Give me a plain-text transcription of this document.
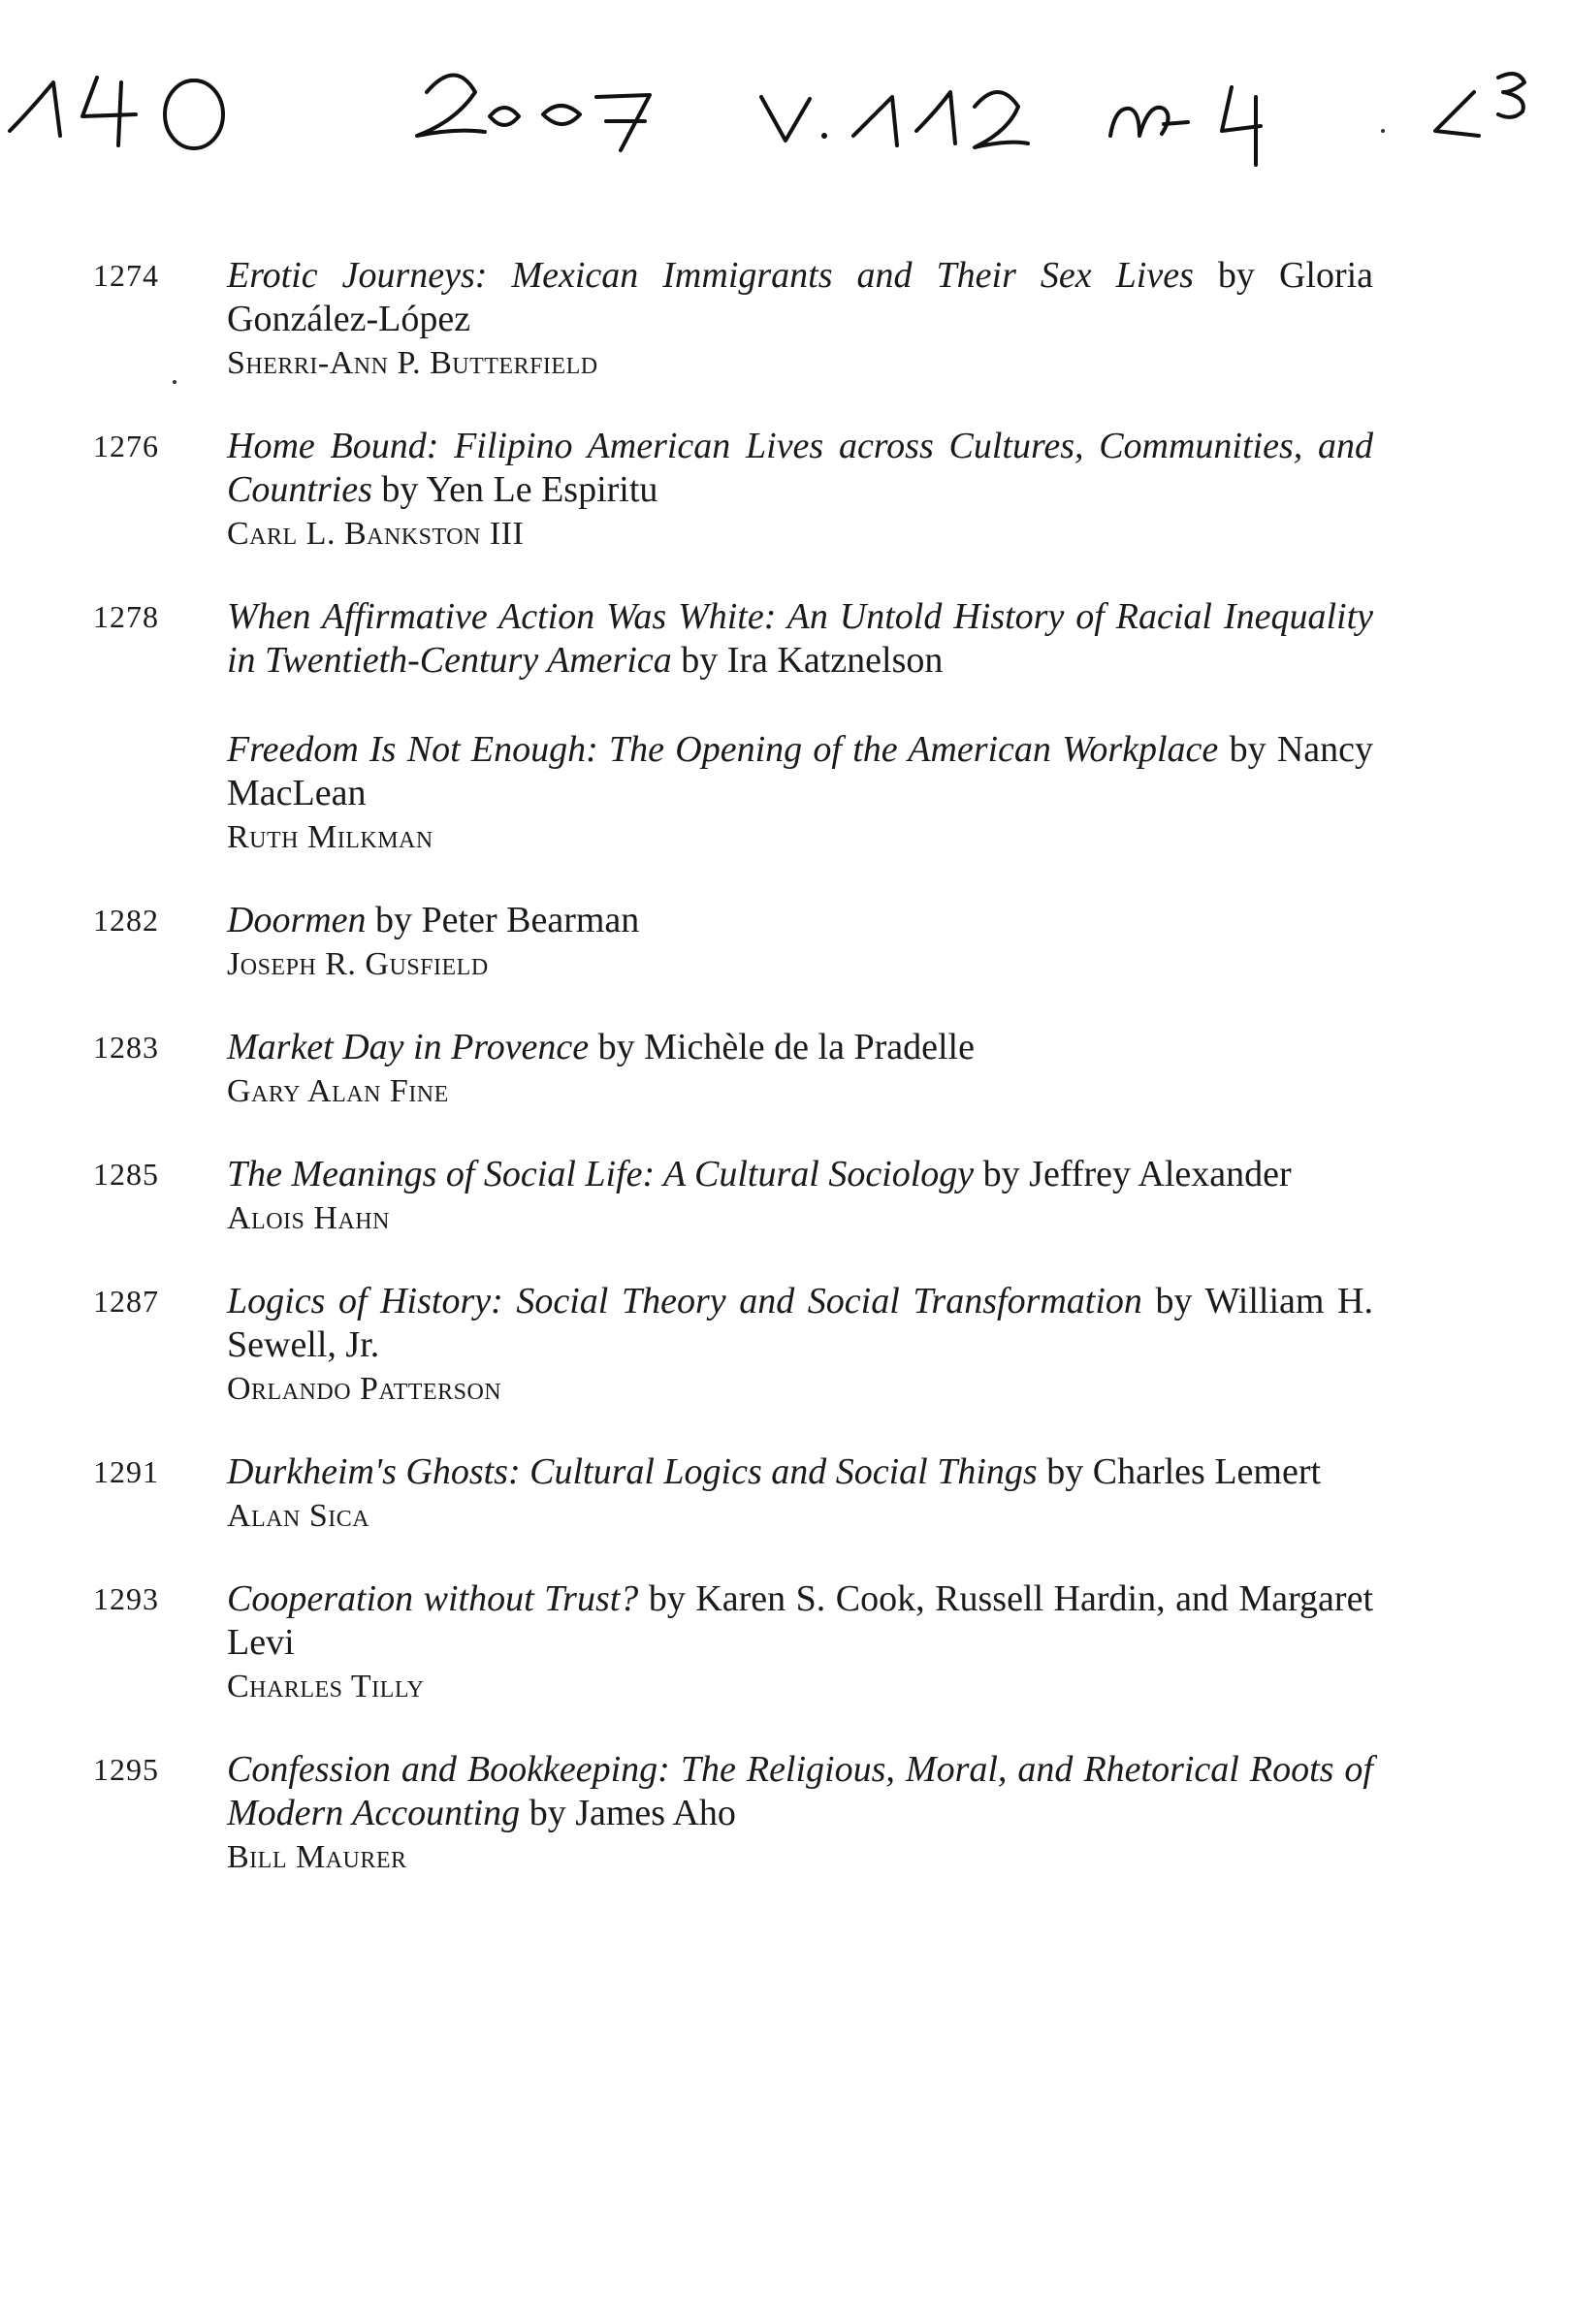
1274	Erotic Journeys: Mexican Immigrants and Their Sex Lives by Gloria González-López

Sherri-Ann P. Butterfield

1276	Home Bound: Filipino American Lives across Cultures, Communities, and Countries by Yen Le Espiritu

Carl L. Bankston III

1278	When Affirmative Action Was White: An Untold History of Racial Inequality in Twentieth-Century America by Ira Katznelson

Freedom Is Not Enough: The Opening of the American Workplace by Nancy MacLean

Ruth Milkman

1282	Doormen by Peter Bearman

Joseph R. Gusfield

1283	Market Day in Provence by Michèle de la Pradelle

Gary Alan Fine

1285	The Meanings of Social Life: A Cultural Sociology by Jeffrey Alexander

Alois Hahn

1287	Logics of History: Social Theory and Social Transformation by William H. Sewell, Jr.

Orlando Patterson

1291	Durkheim's Ghosts: Cultural Logics and Social Things by Charles Lemert

Alan Sica

1293	Cooperation without Trust? by Karen S. Cook, Russell Hardin, and Margaret Levi

Charles Tilly

1295	Confession and Bookkeeping: The Religious, Moral, and Rhetorical Roots of Modern Accounting by James Aho

Bill Maurer
